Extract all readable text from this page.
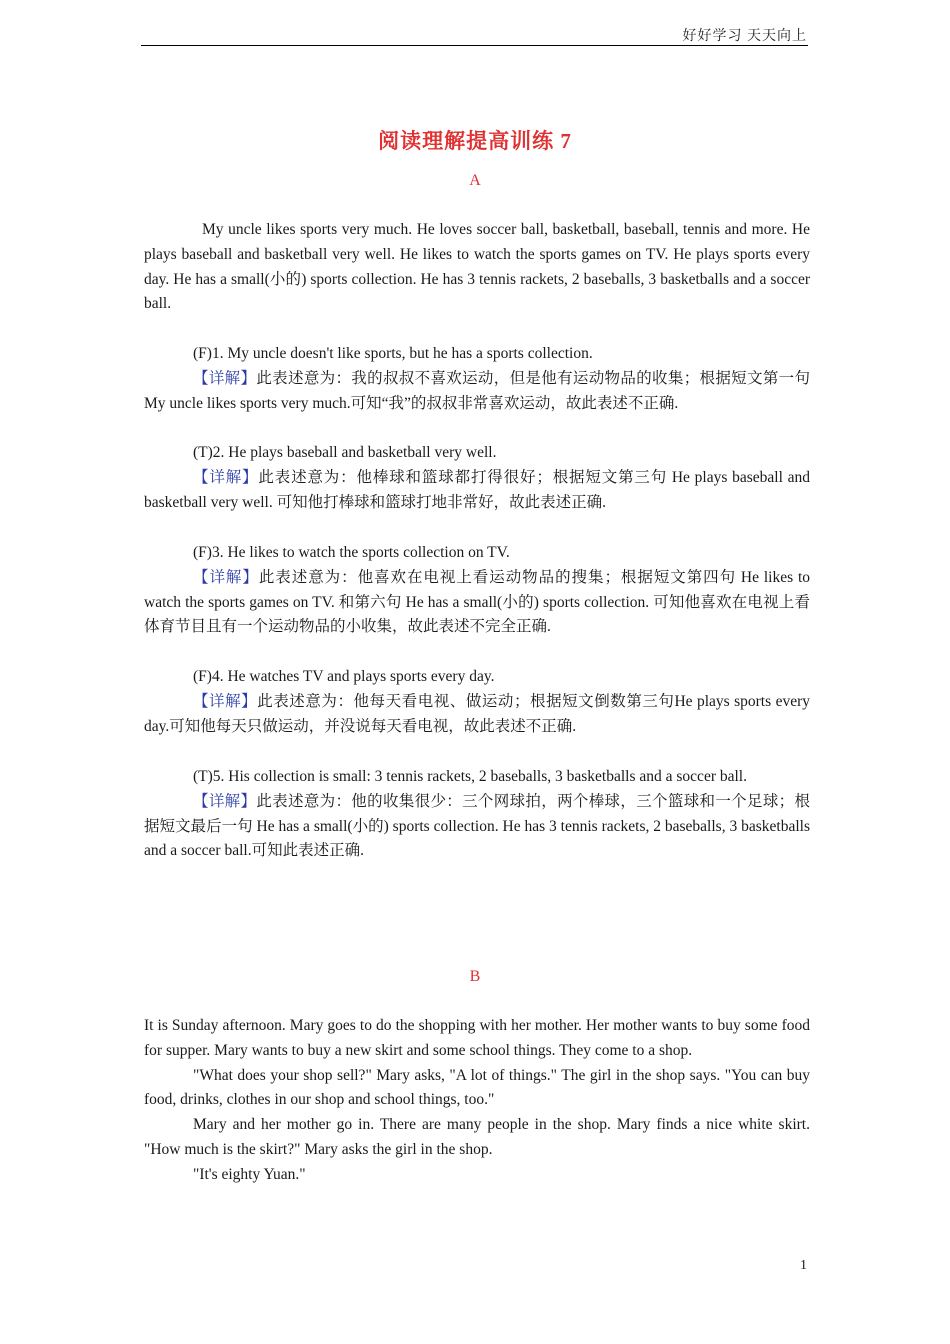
好好学习 天天向上
阅读理解提高训练 7
A
My uncle likes sports very much. He loves soccer ball, basketball, baseball, tennis and more. He plays baseball and basketball very well. He likes to watch the sports games on TV. He plays sports every day. He has a small(小的) sports collection. He has 3 tennis rackets, 2 baseballs, 3 basketballs and a soccer ball.

(F)1. My uncle doesn't like sports, but he has a sports collection.

【详解】此表述意为：我的叔叔不喜欢运动，但是他有运动物品的收集；根据短文第一句 My uncle likes sports very much.可知“我”的叔叔非常喜欢运动，故此表述不正确.

(T)2. He plays baseball and basketball very well.

【详解】此表述意为：他棒球和篮球都打得很好；根据短文第三句 He plays baseball and basketball very well. 可知他打棒球和篮球打地非常好，故此表述正确.

(F)3. He likes to watch the sports collection on TV.

【详解】此表述意为：他喜欢在电视上看运动物品的搜集；根据短文第四句 He likes to watch the sports games on TV. 和第六句 He has a small(小的) sports collection. 可知他喜欢在电视上看体育节目且有一个运动物品的小收集，故此表述不完全正确.

(F)4. He watches TV and plays sports every day.

【详解】此表述意为：他每天看电视、做运动；根据短文倒数第三句He plays sports every day.可知他每天只做运动，并没说每天看电视，故此表述不正确.

(T)5. His collection is small: 3 tennis rackets, 2 baseballs, 3 basketballs and a soccer ball.

【详解】此表述意为：他的收集很少：三个网球拍，两个棒球，三个篮球和一个足球；根据短文最后一句 He has a small(小的) sports collection. He has 3 tennis rackets, 2 baseballs, 3 basketballs and a soccer ball.可知此表述正确.

B

It is Sunday afternoon. Mary goes to do the shopping with her mother. Her mother wants to buy some food for supper. Mary wants to buy a new skirt and some school things. They come to a shop.

"What does your shop sell?" Mary asks, "A lot of things." The girl in the shop says. "You can buy food, drinks, clothes in our shop and school things, too."

Mary and her mother go in. There are many people in the shop. Mary finds a nice white skirt. "How much is the skirt?" Mary asks the girl in the shop.

"It's eighty Yuan."

1
